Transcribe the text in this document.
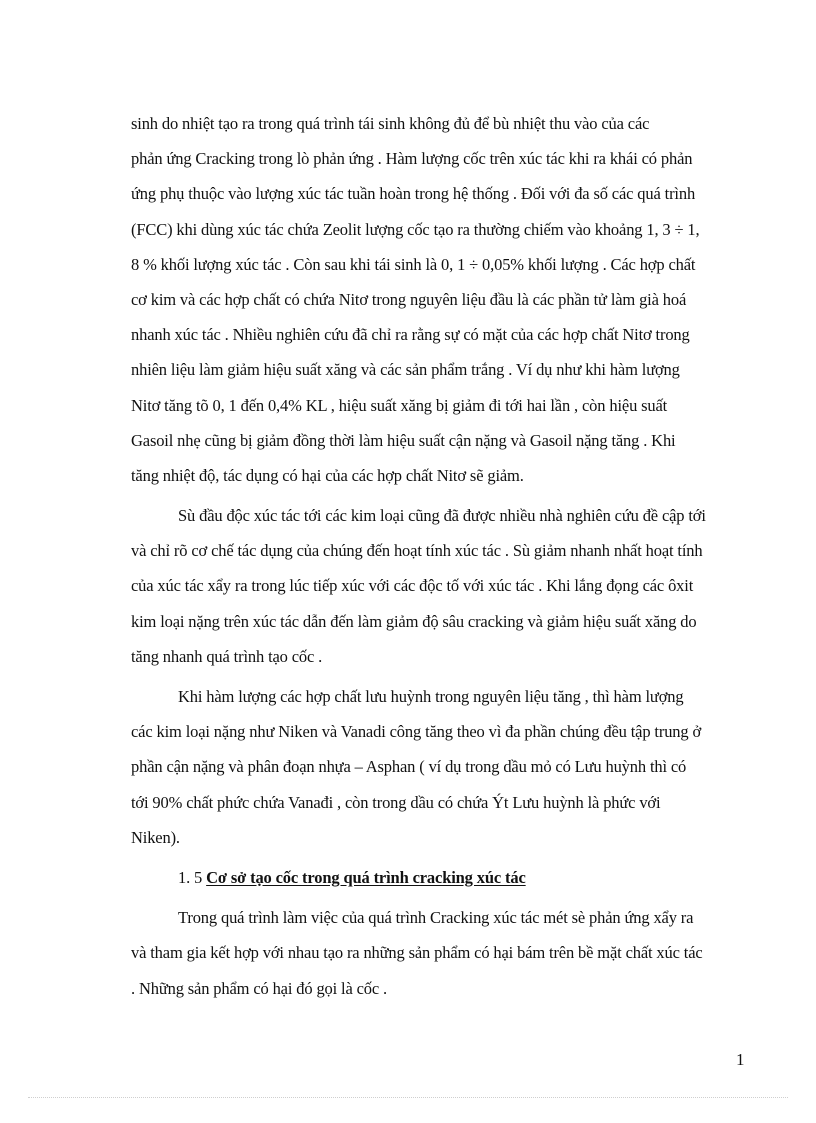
sinh do nhiệt tạo ra trong quá trình tái sinh không đủ để bù nhiệt thu vào của các
phản ứng Cracking trong lò phản ứng . Hàm lượng cốc trên xúc tác khi ra khái có phản
ứng phụ thuộc vào lượng xúc tác tuần hoàn trong hệ thống . Đối với đa số các quá trình
(FCC) khi dùng xúc tác chứa Zeolit lượng cốc tạo ra thường chiếm vào khoảng 1, 3 ÷ 1,
8 % khối lượng xúc tác . Còn sau khi tái sinh là 0, 1 ÷ 0,05% khối lượng . Các hợp chất
cơ kim và các hợp chất có chứa Nitơ trong nguyên liệu đầu là các phần tử làm già hoá
nhanh xúc tác . Nhiều nghiên cứu đã chỉ ra rằng sự có mặt của các hợp chất Nitơ trong
nhiên liệu làm giảm hiệu suất xăng và các sản phẩm trắng . Ví dụ như khi hàm lượng
Nitơ tăng tõ 0, 1 đến 0,4% KL , hiệu suất xăng bị giảm đi tới hai lần , còn hiệu suất
Gasoil nhẹ cũng bị giảm đồng thời làm hiệu suất cận nặng và Gasoil nặng tăng . Khi
tăng nhiệt độ, tác dụng có hại của các hợp chất Nitơ sẽ giảm.
Sù đầu độc xúc tác tới các kim loại cũng đã được nhiều nhà nghiên cứu đề cập tới
và chỉ rõ cơ chế tác dụng của chúng đến hoạt tính xúc tác . Sù giảm nhanh nhất hoạt tính
của xúc tác xẩy ra trong lúc tiếp xúc với các độc tố với xúc tác . Khi lắng đọng các ôxit
kim loại nặng trên xúc tác dẫn đến làm giảm độ sâu cracking và giảm hiệu suất xăng do
tăng nhanh quá trình tạo cốc .
Khi hàm lượng các hợp chất lưu huỳnh trong nguyên liệu tăng , thì hàm lượng
các kim loại nặng như Niken và Vanadi công tăng theo vì đa phần chúng đều tập trung ở
phần cận nặng và phân đoạn nhựa – Asphan ( ví dụ trong dầu mỏ có Lưu huỳnh thì có
tới 90% chất phức chứa Vanađi , còn trong dầu có chứa Ýt Lưu huỳnh là phức với
Niken).
1. 5 Cơ sở tạo cốc trong quá trình cracking xúc tác
Trong quá trình làm việc của quá trình Cracking xúc tác mét sè phản ứng xẩy ra
và tham gia kết hợp với nhau tạo ra những sản phẩm có hại bám trên bề mặt chất xúc tác
. Những sản phẩm có hại đó gọi là cốc .
1
